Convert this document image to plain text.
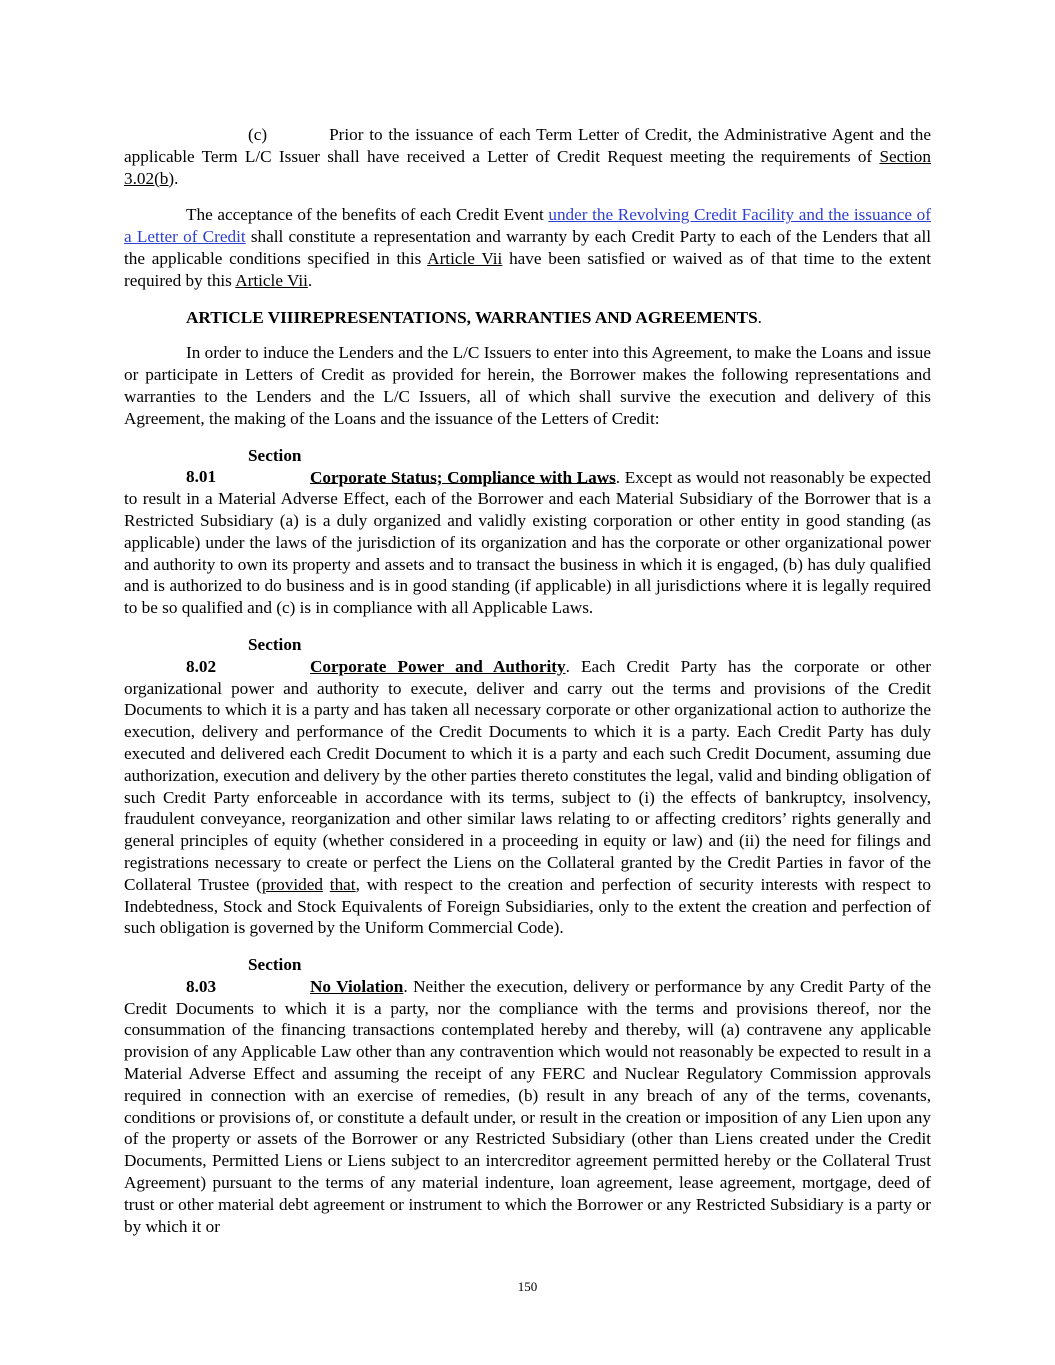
(c)	Prior to the issuance of each Term Letter of Credit, the Administrative Agent and the applicable Term L/C Issuer shall have received a Letter of Credit Request meeting the requirements of Section 3.02(b).

The acceptance of the benefits of each Credit Event under the Revolving Credit Facility and the issuance of a Letter of Credit shall constitute a representation and warranty by each Credit Party to each of the Lenders that all the applicable conditions specified in this Article Vii have been satisfied or waived as of that time to the extent required by this Article Vii.

ARTICLE VIIIREPRESENTATIONS, WARRANTIES AND AGREEMENTS.

In order to induce the Lenders and the L/C Issuers to enter into this Agreement, to make the Loans and issue or participate in Letters of Credit as provided for herein, the Borrower makes the following representations and warranties to the Lenders and the L/C Issuers, all of which shall survive the execution and delivery of this Agreement, the making of the Loans and the issuance of the Letters of Credit:

Section 8.01	Corporate Status; Compliance with Laws. Except as would not reasonably be expected to result in a Material Adverse Effect, each of the Borrower and each Material Subsidiary of the Borrower that is a Restricted Subsidiary (a) is a duly organized and validly existing corporation or other entity in good standing (as applicable) under the laws of the jurisdiction of its organization and has the corporate or other organizational power and authority to own its property and assets and to transact the business in which it is engaged, (b) has duly qualified and is authorized to do business and is in good standing (if applicable) in all jurisdictions where it is legally required to be so qualified and (c) is in compliance with all Applicable Laws.

Section 8.02	Corporate Power and Authority. Each Credit Party has the corporate or other organizational power and authority to execute, deliver and carry out the terms and provisions of the Credit Documents to which it is a party and has taken all necessary corporate or other organizational action to authorize the execution, delivery and performance of the Credit Documents to which it is a party. Each Credit Party has duly executed and delivered each Credit Document to which it is a party and each such Credit Document, assuming due authorization, execution and delivery by the other parties thereto constitutes the legal, valid and binding obligation of such Credit Party enforceable in accordance with its terms, subject to (i) the effects of bankruptcy, insolvency, fraudulent conveyance, reorganization and other similar laws relating to or affecting creditors’ rights generally and general principles of equity (whether considered in a proceeding in equity or law) and (ii) the need for filings and registrations necessary to create or perfect the Liens on the Collateral granted by the Credit Parties in favor of the Collateral Trustee (provided that, with respect to the creation and perfection of security interests with respect to Indebtedness, Stock and Stock Equivalents of Foreign Subsidiaries, only to the extent the creation and perfection of such obligation is governed by the Uniform Commercial Code).

Section 8.03	No Violation. Neither the execution, delivery or performance by any Credit Party of the Credit Documents to which it is a party, nor the compliance with the terms and provisions thereof, nor the consummation of the financing transactions contemplated hereby and thereby, will (a) contravene any applicable provision of any Applicable Law other than any contravention which would not reasonably be expected to result in a Material Adverse Effect and assuming the receipt of any FERC and Nuclear Regulatory Commission approvals required in connection with an exercise of remedies, (b) result in any breach of any of the terms, covenants, conditions or provisions of, or constitute a default under, or result in the creation or imposition of any Lien upon any of the property or assets of the Borrower or any Restricted Subsidiary (other than Liens created under the Credit Documents, Permitted Liens or Liens subject to an intercreditor agreement permitted hereby or the Collateral Trust Agreement) pursuant to the terms of any material indenture, loan agreement, lease agreement, mortgage, deed of trust or other material debt agreement or instrument to which the Borrower or any Restricted Subsidiary is a party or by which it or

150
